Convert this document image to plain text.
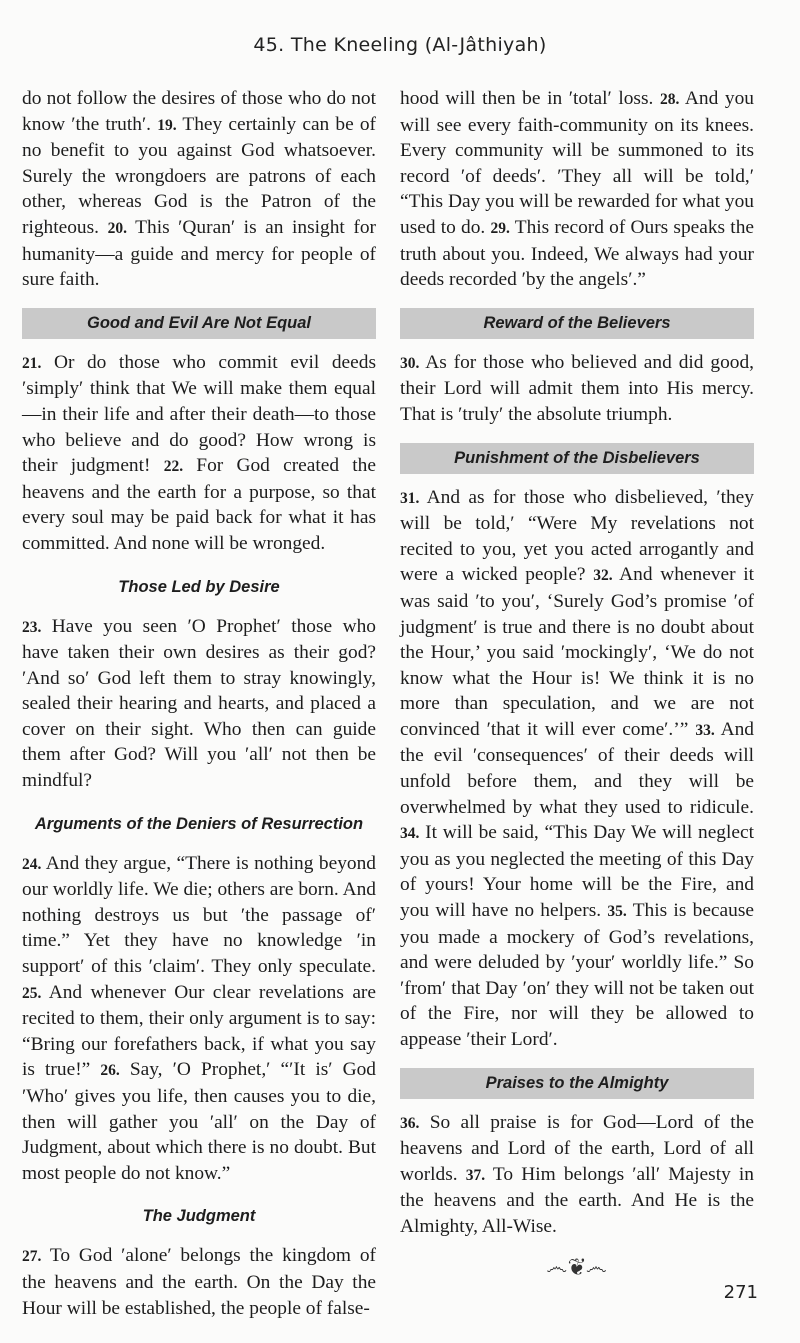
45. The Kneeling (Al-Jâthiyah)

do not follow the desires of those who do not know ʹthe truthʹ. 19. They certainly can be of no benefit to you against God whatsoever. Surely the wrongdoers are patrons of each other, whereas God is the Patron of the righteous. 20. This ʹQuranʹ is an insight for humanity—a guide and mercy for people of sure faith.

Good and Evil Are Not Equal

21. Or do those who commit evil deeds ʹsimplyʹ think that We will make them equal—in their life and after their death—to those who believe and do good? How wrong is their judgment! 22. For God created the heavens and the earth for a purpose, so that every soul may be paid back for what it has committed. And none will be wronged.

Those Led by Desire

23. Have you seen ʹO Prophetʹ those who have taken their own desires as their god? ʹAnd soʹ God left them to stray knowingly, sealed their hearing and hearts, and placed a cover on their sight. Who then can guide them after God? Will you ʹallʹ not then be mindful?

Arguments of the Deniers of Resurrection

24. And they argue, “There is nothing beyond our worldly life. We die; others are born. And nothing destroys us but ʹthe passage ofʹ time.” Yet they have no knowledge ʹin supportʹ of this ʹclaimʹ. They only speculate. 25. And whenever Our clear revelations are recited to them, their only argument is to say: “Bring our forefathers back, if what you say is true!” 26. Say, ʹO Prophet,ʹ “ʹIt isʹ God ʹWhoʹ gives you life, then causes you to die, then will gather you ʹallʹ on the Day of Judgment, about which there is no doubt. But most people do not know.”

The Judgment

27. To God ʹaloneʹ belongs the kingdom of the heavens and the earth. On the Day the Hour will be established, the people of false-

hood will then be in ʹtotalʹ loss. 28. And you will see every faith-community on its knees. Every community will be summoned to its record ʹof deedsʹ. ʹThey all will be told,ʹ “This Day you will be rewarded for what you used to do. 29. This record of Ours speaks the truth about you. Indeed, We always had your deeds recorded ʹby the angelsʹ.”

Reward of the Believers

30. As for those who believed and did good, their Lord will admit them into His mercy. That is ʹtrulyʹ the absolute triumph.

Punishment of the Disbelievers

31. And as for those who disbelieved, ʹthey will be told,ʹ “Were My revelations not recited to you, yet you acted arrogantly and were a wicked people? 32. And whenever it was said ʹto youʹ, ‘Surely God’s promise ʹof judgmentʹ is true and there is no doubt about the Hour,’ you said ʹmockinglyʹ, ‘We do not know what the Hour is! We think it is no more than speculation, and we are not convinced ʹthat it will ever comeʹ.’” 33. And the evil ʹconsequencesʹ of their deeds will unfold before them, and they will be overwhelmed by what they used to ridicule. 34. It will be said, “This Day We will neglect you as you neglected the meeting of this Day of yours! Your home will be the Fire, and you will have no helpers. 35. This is because you made a mockery of God’s revelations, and were deluded by ʹyourʹ worldly life.” So ʹfromʹ that Day ʹonʹ they will not be taken out of the Fire, nor will they be allowed to appease ʹtheir Lordʹ.

Praises to the Almighty

36. So all praise is for God—Lord of the heavens and Lord of the earth, Lord of all worlds. 37. To Him belongs ʹallʹ Majesty in the heavens and the earth. And He is the Almighty, All-Wise.

෴❦෴
271
